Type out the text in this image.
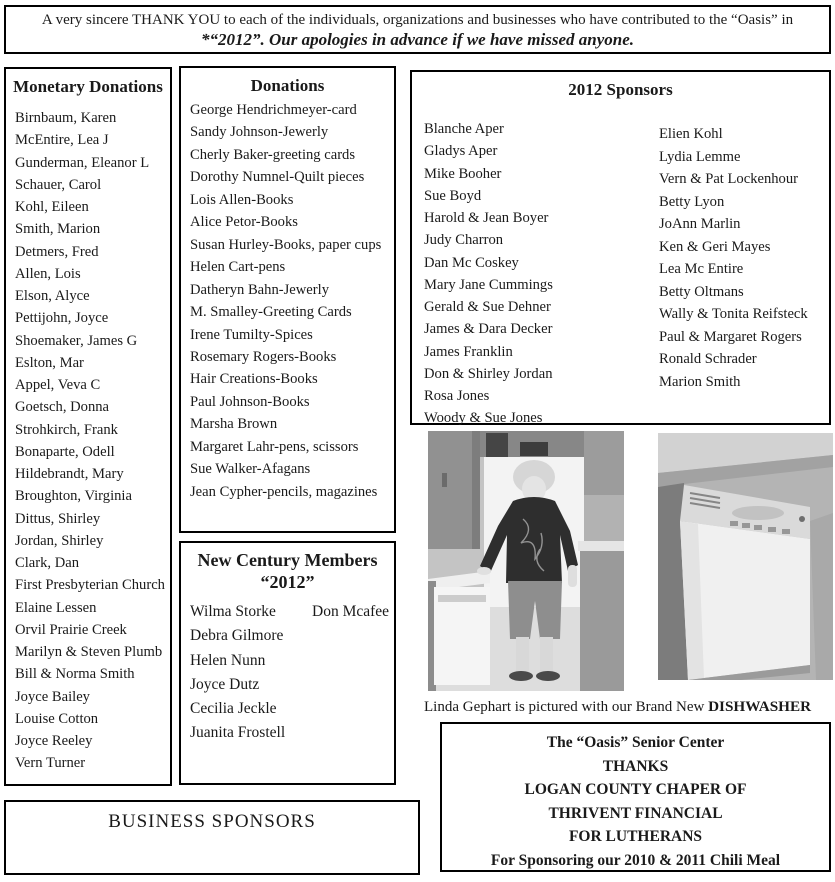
A very sincere THANK YOU to each of the individuals, organizations and businesses who have contributed to the “Oasis” in
*“2012”. Our apologies in advance if we have missed anyone.
Monetary Donations
Birnbaum, Karen
McEntire, Lea J
Gunderman, Eleanor L
Schauer, Carol
Kohl, Eileen
Smith, Marion
Detmers, Fred
Allen, Lois
Elson, Alyce
Pettijohn, Joyce
Shoemaker, James G
Eslton, Mar
Appel, Veva C
Goetsch, Donna
Strohkirch, Frank
Bonaparte, Odell
Hildebrandt, Mary
Broughton, Virginia
Dittus, Shirley
Jordan, Shirley
Clark, Dan
First Presbyterian Church
Elaine Lessen
Orvil Prairie Creek
Marilyn & Steven Plumb
Bill & Norma Smith
Joyce Bailey
Louise Cotton
Joyce Reeley
Vern Turner
Donations
George Hendrichmeyer-card
Sandy Johnson-Jewerly
Cherly Baker-greeting cards
Dorothy Numnel-Quilt pieces
Lois Allen-Books
Alice Petor-Books
Susan Hurley-Books, paper cups
Helen Cart-pens
Datheryn Bahn-Jewerly
M. Smalley-Greeting Cards
Irene Tumilty-Spices
Rosemary Rogers-Books
Hair Creations-Books
Paul Johnson-Books
Marsha Brown
Margaret Lahr-pens, scissors
Sue Walker-Afagans
Jean Cypher-pencils, magazines
New Century Members
“2012”
Wilma Storke
Debra Gilmore
Helen Nunn
Joyce Dutz
Cecilia Jeckle
Juanita Frostell
Don Mcafee
2012 Sponsors
Blanche Aper
Gladys Aper
Mike Booher
Sue Boyd
Harold & Jean Boyer
Judy Charron
Dan Mc Coskey
Mary Jane Cummings
Gerald & Sue Dehner
James & Dara Decker
James Franklin
Don & Shirley Jordan
Rosa Jones
Woody & Sue Jones
Elien Kohl
Lydia Lemme
Vern & Pat Lockenhour
Betty Lyon
JoAnn Marlin
Ken & Geri Mayes
Lea Mc Entire
Betty Oltmans
Wally & Tonita Reifsteck
Paul & Margaret Rogers
Ronald Schrader
Marion Smith
Linda Gephart is pictured with our Brand New DISHWASHER
The “Oasis” Senior Center
THANKS
LOGAN COUNTY CHAPER OF
THRIVENT FINANCIAL
FOR LUTHERANS
For Sponsoring our 2010 & 2011 Chili Meal
BUSINESS SPONSORS
